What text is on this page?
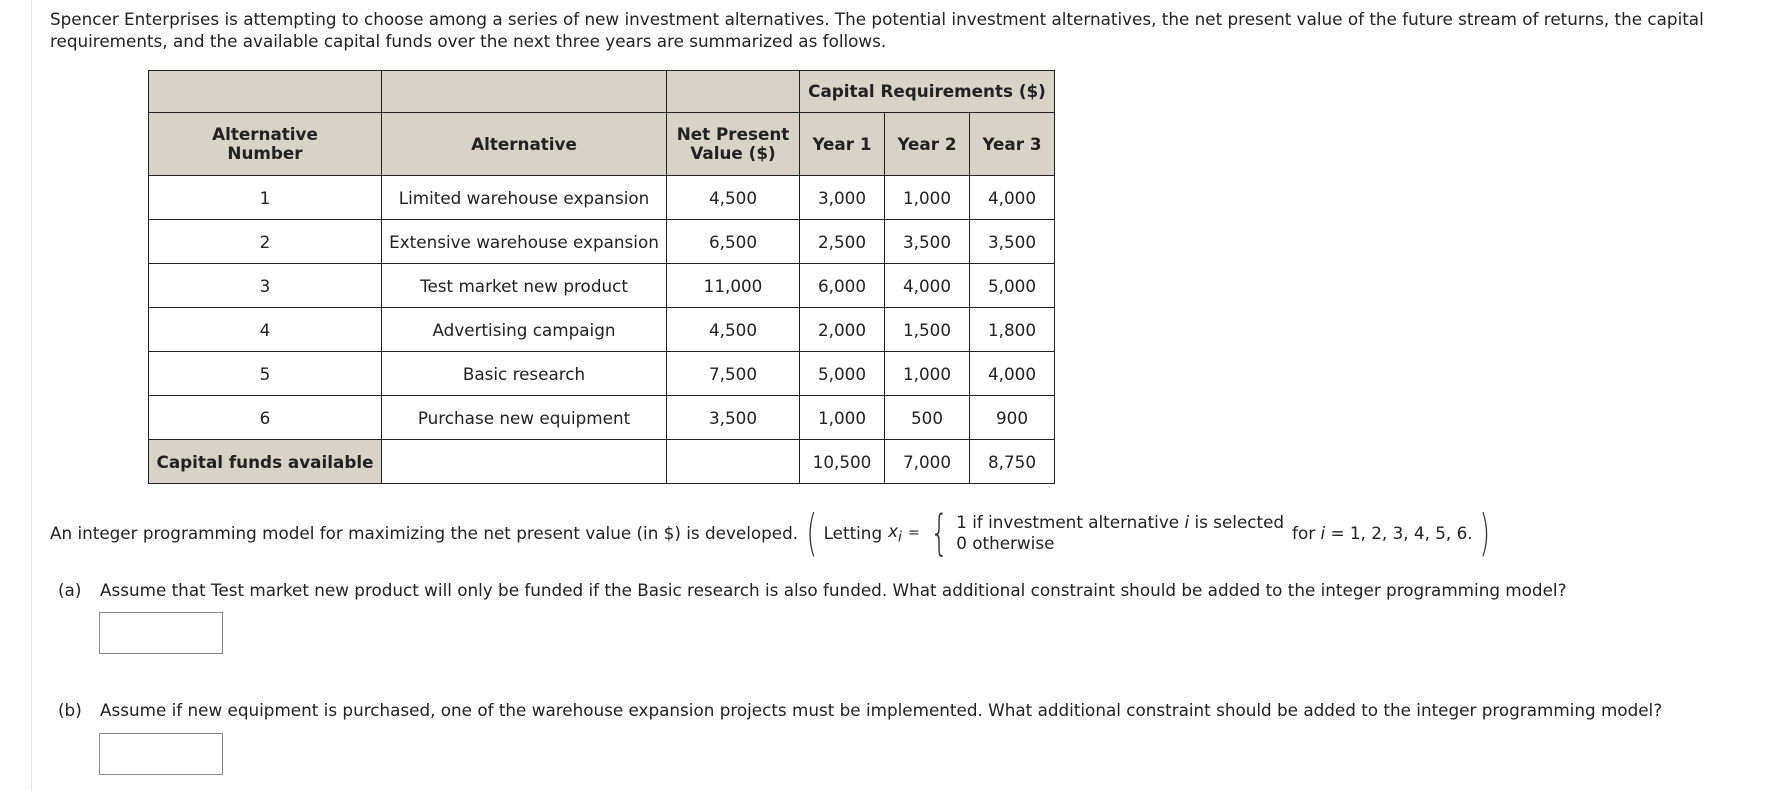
Spencer Enterprises is attempting to choose among a series of new investment alternatives. The potential investment alternatives, the net present value of the future stream of returns, the capital requirements, and the available capital funds over the next three years are summarized as follows.

			Capital Requirements ($)		
Alternative Number	Alternative	Net Present Value ($)	Year 1	Year 2	Year 3
1	Limited warehouse expansion	4,500	3,000	1,000	4,000
2	Extensive warehouse expansion	6,500	2,500	3,500	3,500
3	Test market new product	11,000	6,000	4,000	5,000
4	Advertising campaign	4,500	2,000	1,500	1,800
5	Basic research	7,500	5,000	1,000	4,000
6	Purchase new equipment	3,500	1,000	500	900
Capital funds available			10,500	7,000	8,750
An integer programming model for maximizing the net present value (in $) is developed. ( Letting $x_i$ = { 1 if investment alternative i is selected
0 otherwise	for i = 1, 2, 3, 4, 5, 6. )
(a) Assume that Test market new product will only be funded if the Basic research is also funded. What additional constraint should be added to the integer programming model?
(b) Assume if new equipment is purchased, one of the warehouse expansion projects must be implemented. What additional constraint should be added to the integer programming model?
